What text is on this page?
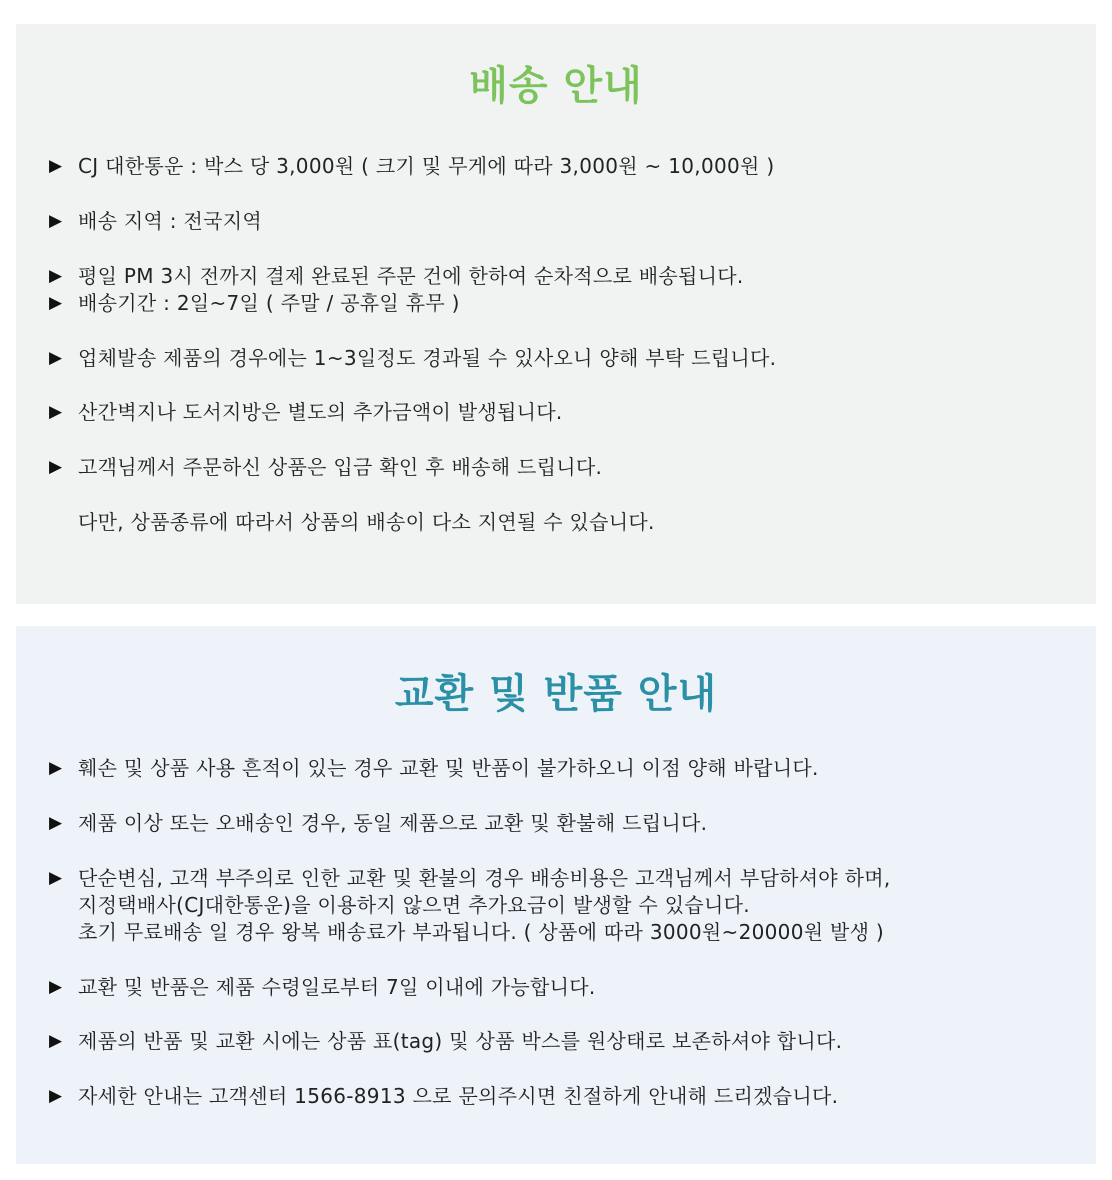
배송 안내
▶ CJ 대한통운 : 박스 당 3,000원 ( 크기 및 무게에 따라 3,000원 ~ 10,000원 )
▶ 배송 지역 : 전국지역
▶ 평일 PM 3시 전까지 결제 완료된 주문 건에 한하여 순차적으로 배송됩니다.
▶ 배송기간 : 2일~7일 ( 주말 / 공휴일 휴무 )
▶ 업체발송 제품의 경우에는 1~3일정도 경과될 수 있사오니 양해 부탁 드립니다.
▶ 산간벽지나 도서지방은 별도의 추가금액이 발생됩니다.
▶ 고객님께서 주문하신 상품은 입금 확인 후 배송해 드립니다.
다만, 상품종류에 따라서 상품의 배송이 다소 지연될 수 있습니다.
교환 및 반품 안내
▶ 훼손 및 상품 사용 흔적이 있는 경우 교환 및 반품이 불가하오니 이점 양해 바랍니다.
▶ 제품 이상 또는 오배송인 경우, 동일 제품으로 교환 및 환불해 드립니다.
▶ 단순변심, 고객 부주의로 인한 교환 및 환불의 경우 배송비용은 고객님께서 부담하셔야 하며,
지정택배사(CJ대한통운)을 이용하지 않으면 추가요금이 발생할 수 있습니다.
초기 무료배송 일 경우 왕복 배송료가 부과됩니다. ( 상품에 따라 3000원~20000원 발생 )
▶ 교환 및 반품은 제품 수령일로부터 7일 이내에 가능합니다.
▶ 제품의 반품 및 교환 시에는 상품 표(tag) 및 상품 박스를 원상태로 보존하셔야 합니다.
▶자세한 안내는 고객센터 1566-8913 으로 문의주시면 친절하게 안내해 드리겠습니다.
